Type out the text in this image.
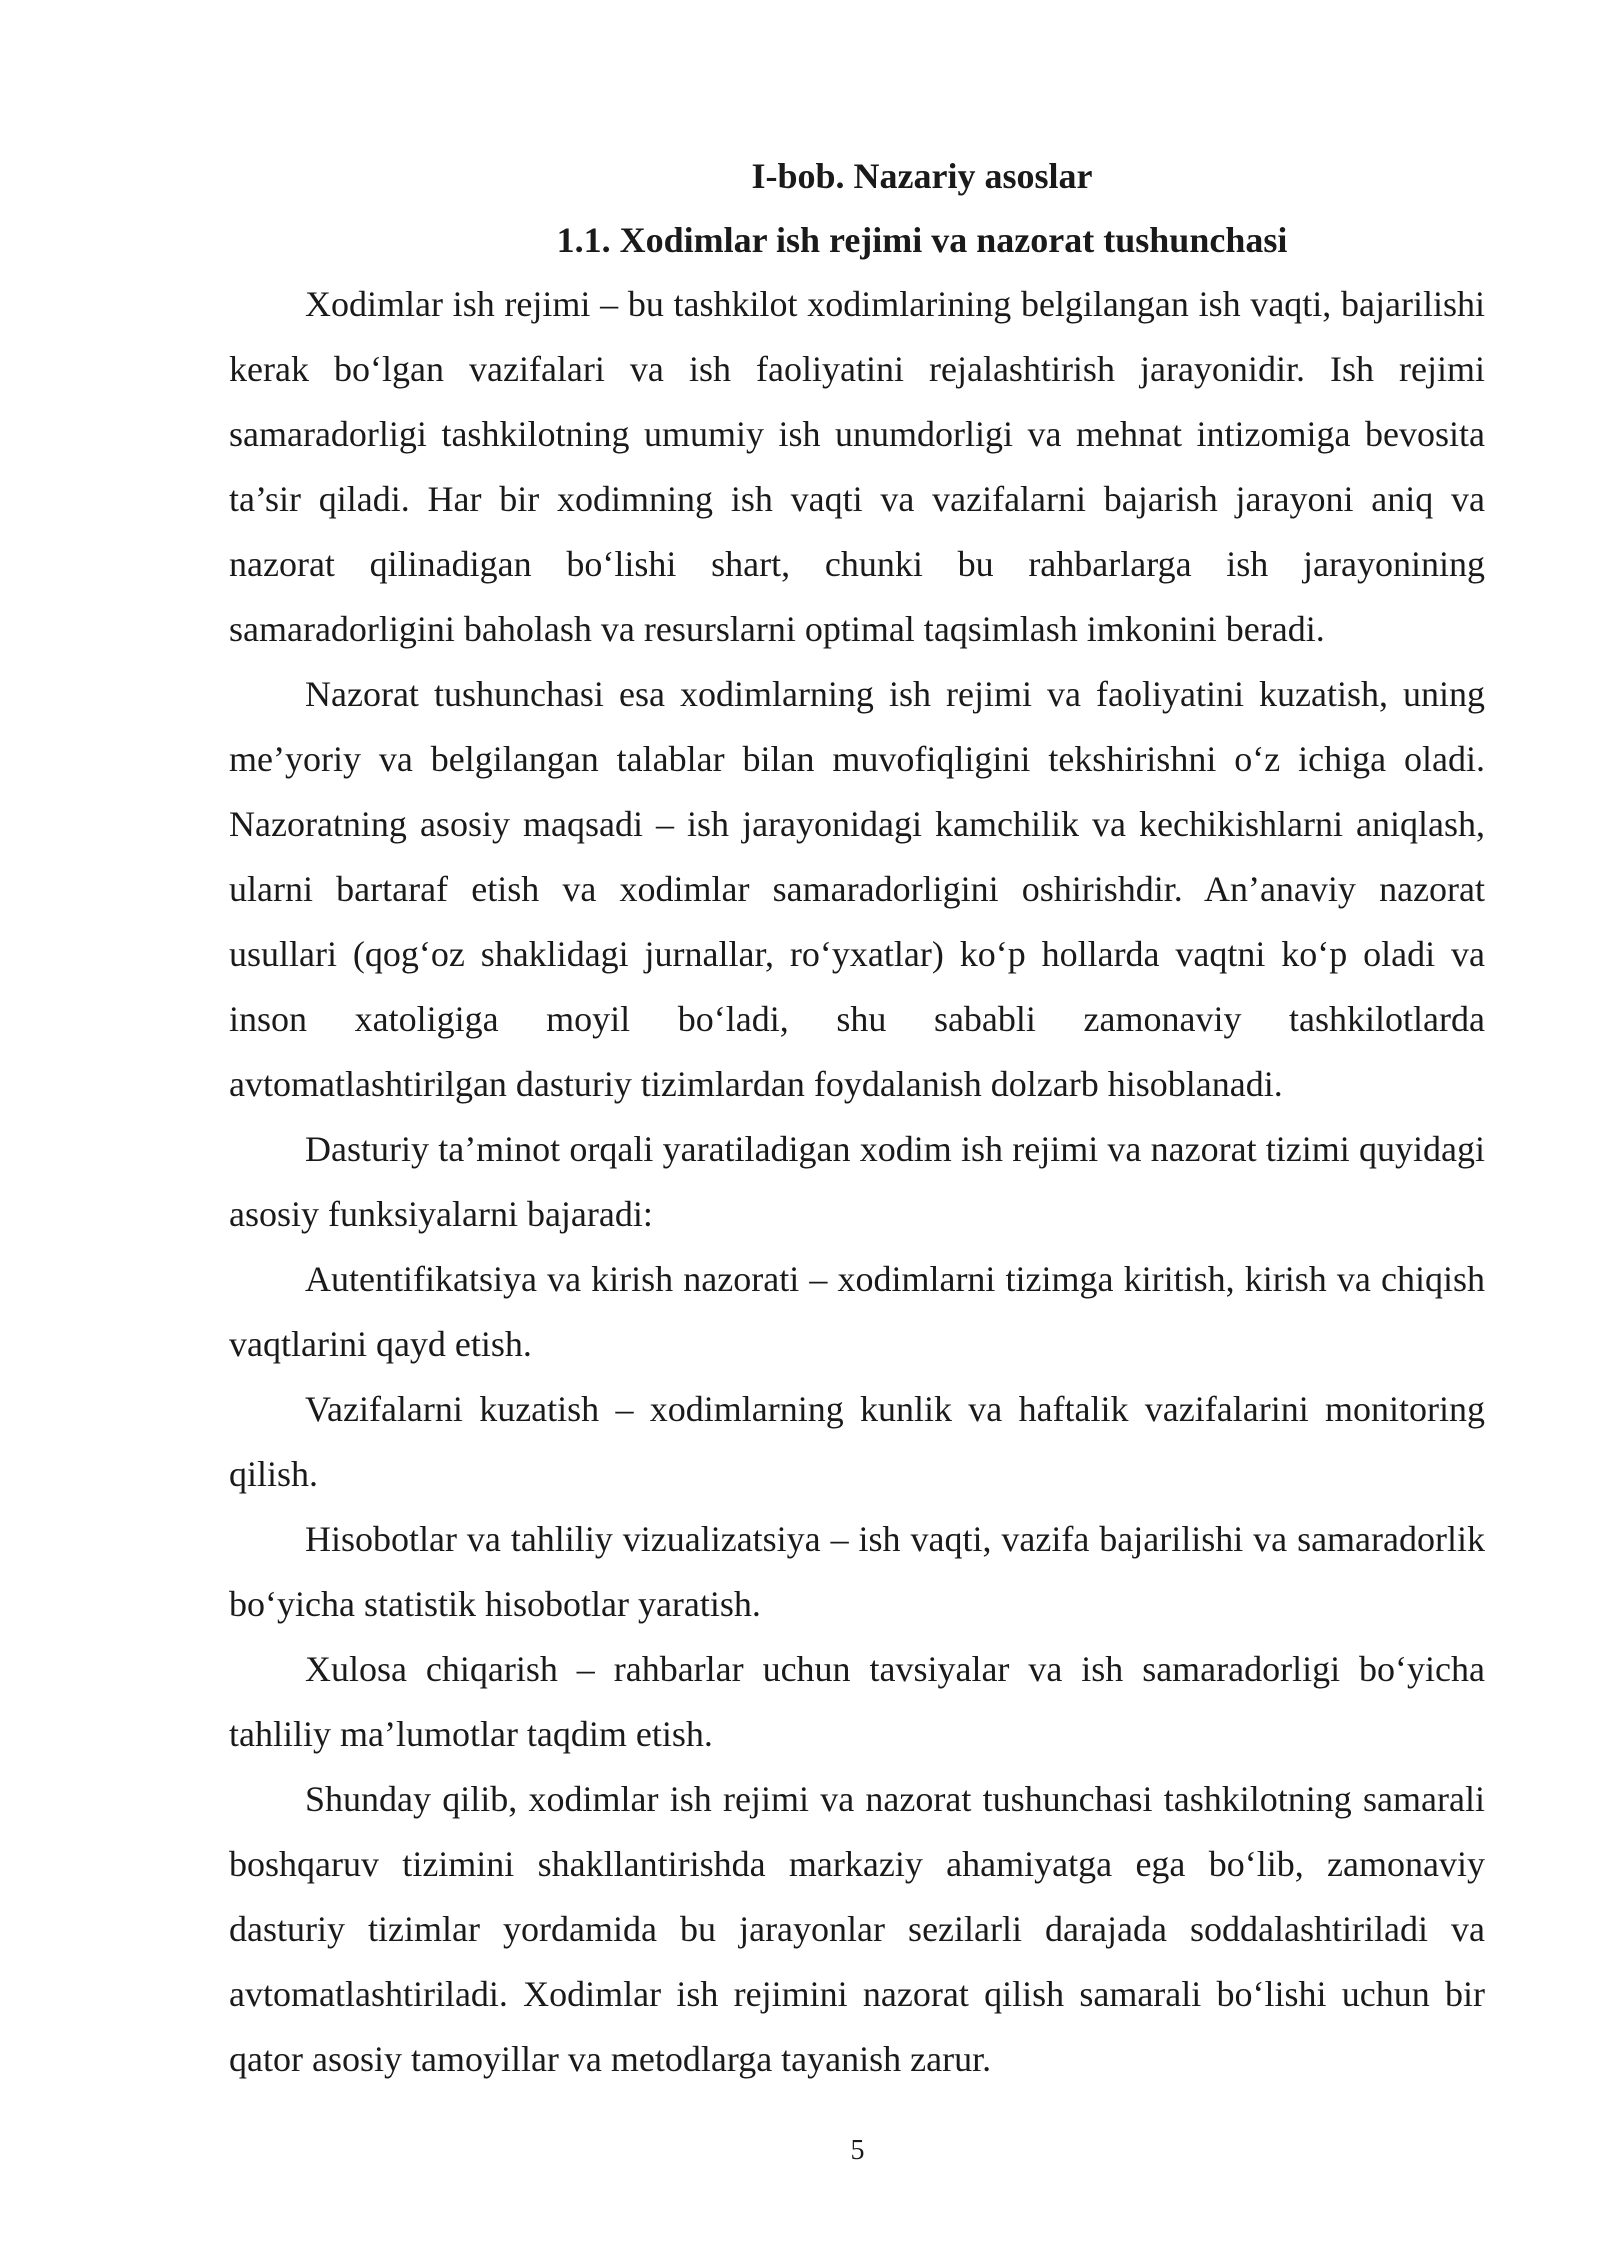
I-bob. Nazariy asoslar
1.1. Xodimlar ish rejimi va nazorat tushunchasi

Xodimlar ish rejimi – bu tashkilot xodimlarining belgilangan ish vaqti, bajarilishi kerak bo‘lgan vazifalari va ish faoliyatini rejalashtirish jarayonidir. Ish rejimi samaradorligi tashkilotning umumiy ish unumdorligi va mehnat intizomiga bevosita ta’sir qiladi. Har bir xodimning ish vaqti va vazifalarni bajarish jarayoni aniq va nazorat qilinadigan bo‘lishi shart, chunki bu rahbarlarga ish jarayonining samaradorligini baholash va resurslarni optimal taqsimlash imkonini beradi.

Nazorat tushunchasi esa xodimlarning ish rejimi va faoliyatini kuzatish, uning me’yoriy va belgilangan talablar bilan muvofiqligini tekshirishni o‘z ichiga oladi. Nazoratning asosiy maqsadi – ish jarayonidagi kamchilik va kechikishlarni aniqlash, ularni bartaraf etish va xodimlar samaradorligini oshirishdir. An’anaviy nazorat usullari (qog‘oz shaklidagi jurnallar, ro‘yxatlar) ko‘p hollarda vaqtni ko‘p oladi va inson xatoligiga moyil bo‘ladi, shu sababli zamonaviy tashkilotlarda avtomatlashtirilgan dasturiy tizimlardan foydalanish dolzarb hisoblanadi.

Dasturiy ta’minot orqali yaratiladigan xodim ish rejimi va nazorat tizimi quyidagi asosiy funksiyalarni bajaradi:

Autentifikatsiya va kirish nazorati – xodimlarni tizimga kiritish, kirish va chiqish vaqtlarini qayd etish.

Vazifalarni kuzatish – xodimlarning kunlik va haftalik vazifalarini monitoring qilish.

Hisobotlar va tahliliy vizualizatsiya – ish vaqti, vazifa bajarilishi va samaradorlik bo‘yicha statistik hisobotlar yaratish.

Xulosa chiqarish – rahbarlar uchun tavsiyalar va ish samaradorligi bo‘yicha tahliliy ma’lumotlar taqdim etish.

Shunday qilib, xodimlar ish rejimi va nazorat tushunchasi tashkilotning samarali boshqaruv tizimini shakllantirishda markaziy ahamiyatga ega bo‘lib, zamonaviy dasturiy tizimlar yordamida bu jarayonlar sezilarli darajada soddalashtiriladi va avtomatlashtiriladi. Xodimlar ish rejimini nazorat qilish samarali bo‘lishi uchun bir qator asosiy tamoyillar va metodlarga tayanish zarur.

5
